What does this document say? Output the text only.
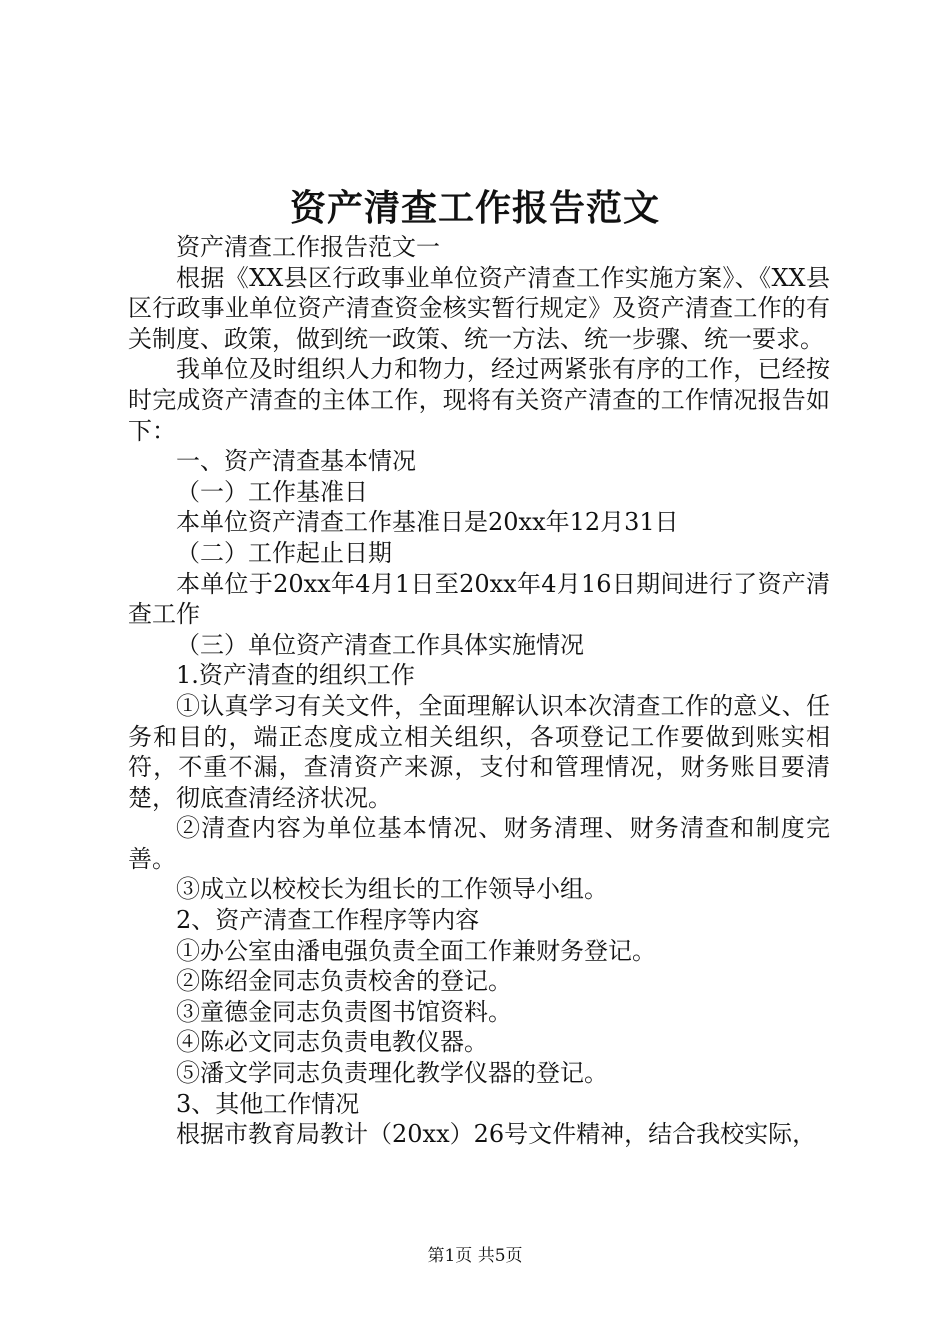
资产清查工作报告范文

资产清查工作报告范文一

根据《XX县区行政事业单位资产清查工作实施方案》、《XX县区行政事业单位资产清查资金核实暂行规定》及资产清查工作的有关制度、政策，做到统一政策、统一方法、统一步骤、统一要求。

我单位及时组织人力和物力，经过两紧张有序的工作，已经按时完成资产清查的主体工作，现将有关资产清查的工作情况报告如下：

一、资产清查基本情况

（一）工作基准日

本单位资产清查工作基准日是20xx年12月31日

（二）工作起止日期

本单位于20xx年4月1日至20xx年4月16日期间进行了资产清查工作

（三）单位资产清查工作具体实施情况

1.资产清查的组织工作

①认真学习有关文件，全面理解认识本次清查工作的意义、任务和目的，端正态度成立相关组织，各项登记工作要做到账实相符，不重不漏，查清资产来源，支付和管理情况，财务账目要清楚，彻底查清经济状况。

②清查内容为单位基本情况、财务清理、财务清查和制度完善。

③成立以校校长为组长的工作领导小组。

2、资产清查工作程序等内容

①办公室由潘电强负责全面工作兼财务登记。

②陈绍金同志负责校舍的登记。

③童德金同志负责图书馆资料。

④陈必文同志负责电教仪器。

⑤潘文学同志负责理化教学仪器的登记。

3、其他工作情况

根据市教育局教计（20xx）26号文件精神，结合我校实际，

第1页 共5页
